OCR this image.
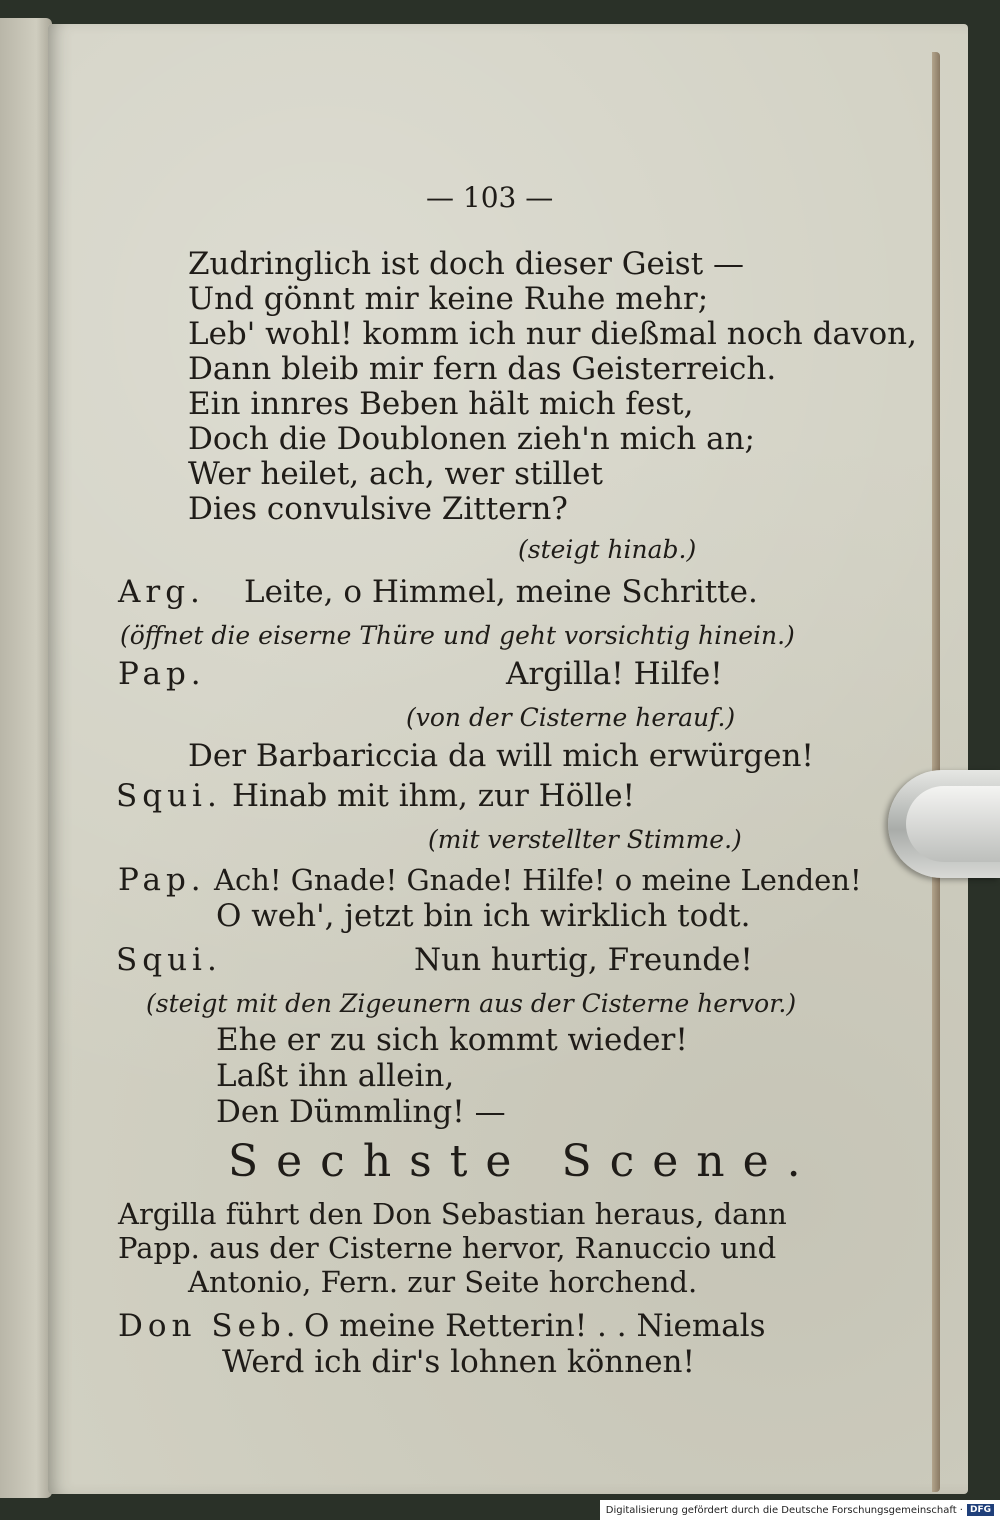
— 103 —

Zudringlich ist doch dieser Geist —

Und gönnt mir keine Ruhe mehr;

Leb' wohl! komm ich nur dießmal noch davon,

Dann bleib mir fern das Geisterreich.

Ein innres Beben hält mich fest,

Doch die Doublonen zieh'n mich an;

Wer heilet, ach, wer stillet

Dies convulsive Zittern?

(steigt hinab.)

Arg. Leite, o Himmel, meine Schritte.

(öffnet die eiserne Thüre und geht vorsichtig hinein.)

Pap.	Argilla! Hilfe!

(von der Cisterne herauf.)

Der Barbariccia da will mich erwürgen!

Squi. Hinab mit ihm, zur Hölle!

(mit verstellter Stimme.)

Pap. Ach! Gnade! Gnade! Hilfe! o meine Lenden!

O weh', jetzt bin ich wirklich todt.

Squi.	Nun hurtig, Freunde!

(steigt mit den Zigeunern aus der Cisterne hervor.)

Ehe er zu sich kommt wieder!

Laßt ihn allein,

Den Dümmling! —

Sechste Scene.

Argilla führt den Don Sebastian heraus, dann

Papp. aus der Cisterne hervor, Ranuccio und

Antonio, Fern. zur Seite horchend.

Don Seb. O meine Retterin! . . Niemals

Werd ich dir's lohnen können!

Digitalisierung gefördert durch die Deutsche Forschungsgemeinschaft · DFG
